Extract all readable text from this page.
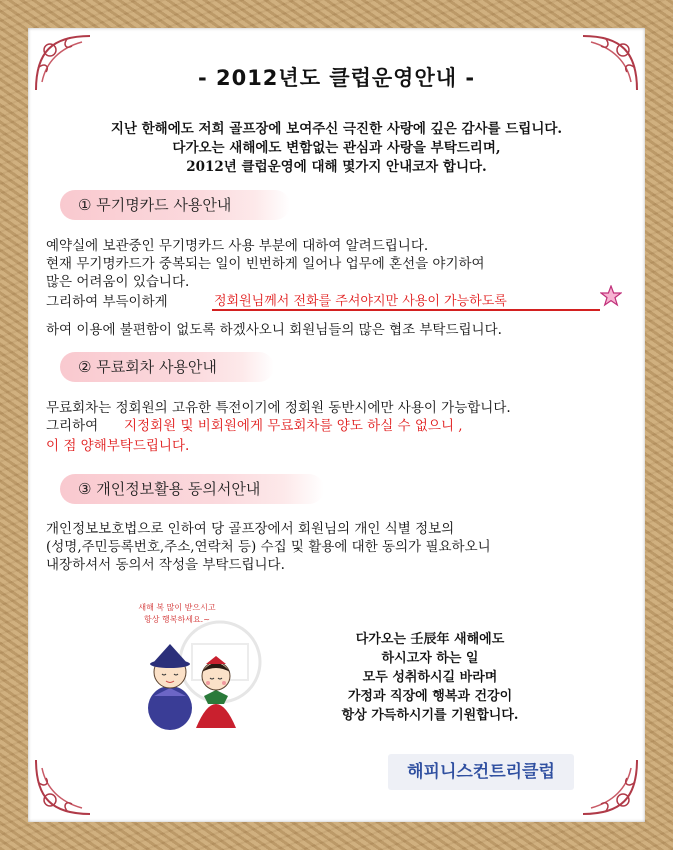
- 2012년도 클럽운영안내 -
지난 한해에도 저희 골프장에 보여주신 극진한 사랑에 깊은 감사를 드립니다.
다가오는 새해에도 변함없는 관심과 사랑을 부탁드리며,
2012년 클럽운영에 대해 몇가지 안내코자 합니다.
① 무기명카드 사용안내
예약실에 보관중인 무기명카드 사용 부분에 대하여 알려드립니다.
현재 무기명카드가 중복되는 일이 빈번하게 일어나 업무에 혼선을 야기하여
많은 어려움이 있습니다.
그리하여 부득이하게	정회원님께서 전화를 주셔야지만 사용이 가능하도록
하여 이용에 불편함이 없도록 하겠사오니 회원님들의 많은 협조 부탁드립니다.
② 무료회차 사용안내
무료회차는 정회원의 고유한 특전이기에 정회원 동반시에만 사용이 가능합니다.
그리하여 지정회원 및 비회원에게 무료회차를 양도 하실 수 없으니 ,
이 점 양해부탁드립니다.
③ 개인정보활용 동의서안내
개인정보보호법으로 인하여 당 골프장에서 회원님의 개인 식별 정보의
(성명,주민등록번호,주소,연락처 등) 수집 및 활용에 대한 동의가 필요하오니
내장하셔서 동의서 작성을 부탁드립니다.
새해 복 많이 받으시고
항상 행복하세요.~
다가오는 壬辰年 새해에도
하시고자 하는 일
모두 성취하시길 바라며
가정과 직장에 행복과 건강이
항상 가득하시기를 기원합니다.
해피니스컨트리클럽
